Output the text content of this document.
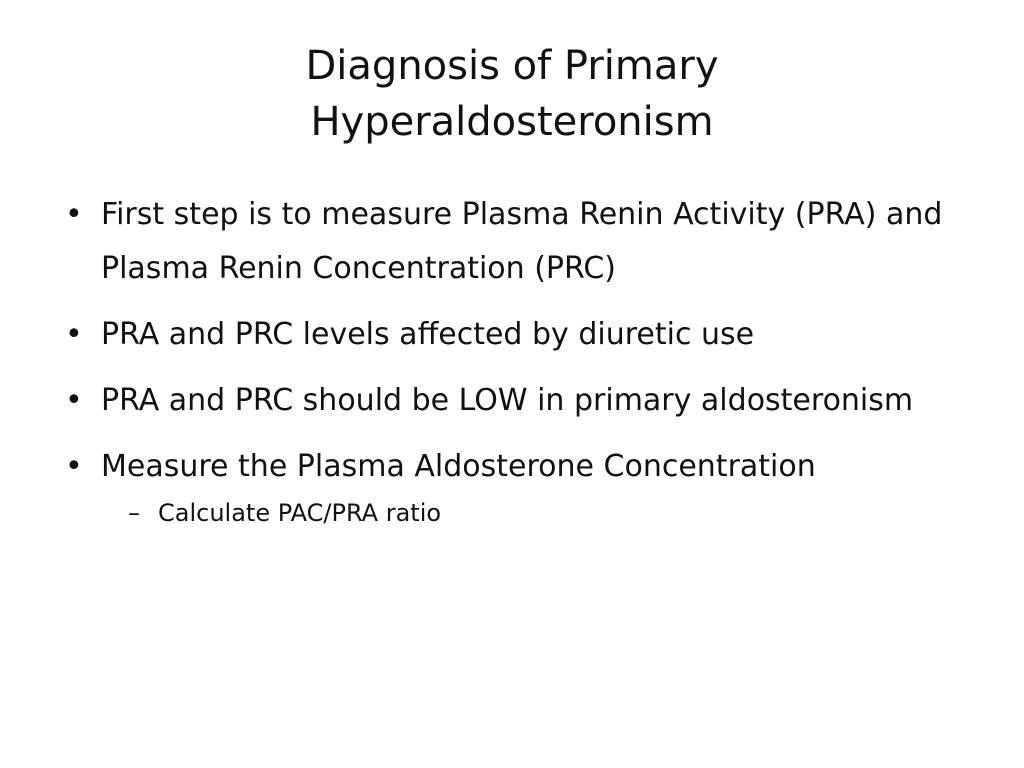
Diagnosis of Primary
Hyperaldosteronism
• First step is to measure Plasma Renin Activity (PRA) and Plasma Renin Concentration (PRC)
• PRA and PRC levels affected by diuretic use
• PRA and PRC should be LOW in primary aldosteronism
• Measure the Plasma Aldosterone Concentration
– Calculate PAC/PRA ratio
